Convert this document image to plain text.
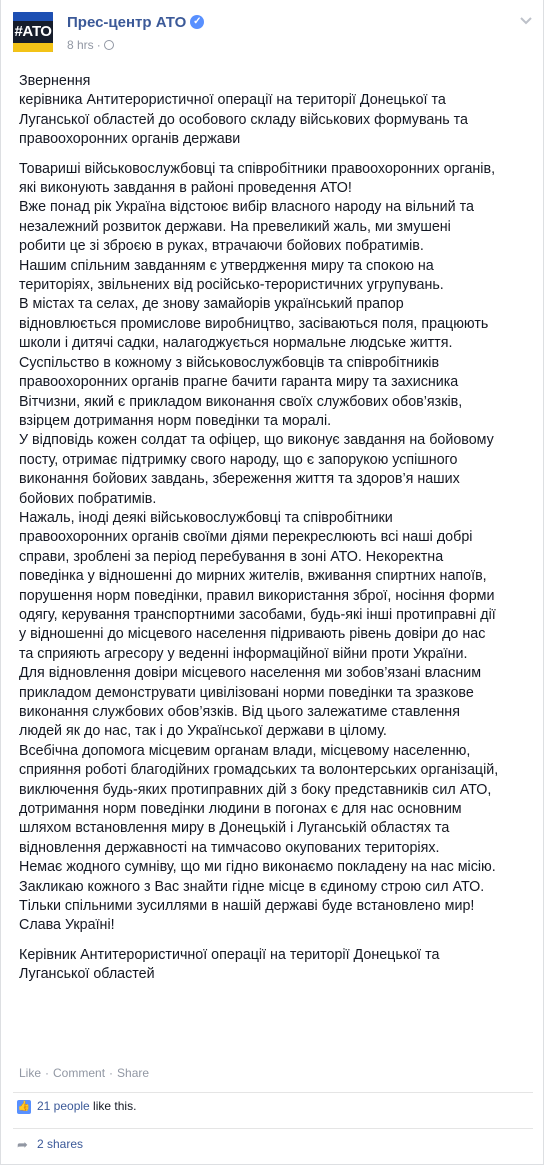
#АТО
Прес-центр АТО ✓
8 hrs ·
Звернення
керівника Антитерористичної операції на території Донецької та
Луганської областей до особового складу військових формувань та
правоохоронних органів держави
Товариші військовослужбовці та співробітники правоохоронних органів,
які виконують завдання в районі проведення АТО!
Вже понад рік Україна відстоює вибір власного народу на вільний та
незалежний розвиток держави. На превеликий жаль, ми змушені
робити це зі зброєю в руках, втрачаючи бойових побратимів.
Нашим спільним завданням є утвердження миру та спокою на
територіях, звільнених від російсько-терористичних угрупувань.
В містах та селах, де знову замайорів український прапор
відновлюється промислове виробництво, засіваються поля, працюють
школи і дитячі садки, налагоджується нормальне людське життя.
Суспільство в кожному з військовослужбовців та співробітників
правоохоронних органів прагне бачити гаранта миру та захисника
Вітчизни, який є прикладом виконання своїх службових обов’язків,
взірцем дотримання норм поведінки та моралі.
У відповідь кожен солдат та офіцер, що виконує завдання на бойовому
посту, отримає підтримку свого народу, що є запорукою успішного
виконання бойових завдань, збереження життя та здоров’я наших
бойових побратимів.
Нажаль, іноді деякі військовослужбовці та співробітники
правоохоронних органів своїми діями перекреслюють всі наші добрі
справи, зроблені за період перебування в зоні АТО. Некоректна
поведінка у відношенні до мирних жителів, вживання спиртних напоїв,
порушення норм поведінки, правил використання зброї, носіння форми
одягу, керування транспортними засобами, будь-які інші протиправні дії
у відношенні до місцевого населення підривають рівень довіри до нас
та сприяють агресору у веденні інформаційної війни проти України.
Для відновлення довіри місцевого населення ми зобов’язані власним
прикладом демонструвати цивілізовані норми поведінки та зразкове
виконання службових обов’язків. Від цього залежатиме ставлення
людей як до нас, так і до Української держави в цілому.
Всебічна допомога місцевим органам влади, місцевому населенню,
сприяння роботі благодійних громадських та волонтерських організацій,
виключення будь-яких протиправних дій з боку представників сил АТО,
дотримання норм поведінки людини в погонах є для нас основним
шляхом встановлення миру в Донецькій і Луганській областях та
відновлення державності на тимчасово окупованих територіях.
Немає жодного сумніву, що ми гідно виконаємо покладену на нас місію.
Закликаю кожного з Вас знайти гідне місце в єдиному строю сил АТО.
Тільки спільними зусиллями в нашій державі буде встановлено мир!
Слава Україні!
Керівник Антитерористичної операції на території Донецької та
Луганської областей
Like · Comment · Share
👍 21 people like this.
➦ 2 shares
